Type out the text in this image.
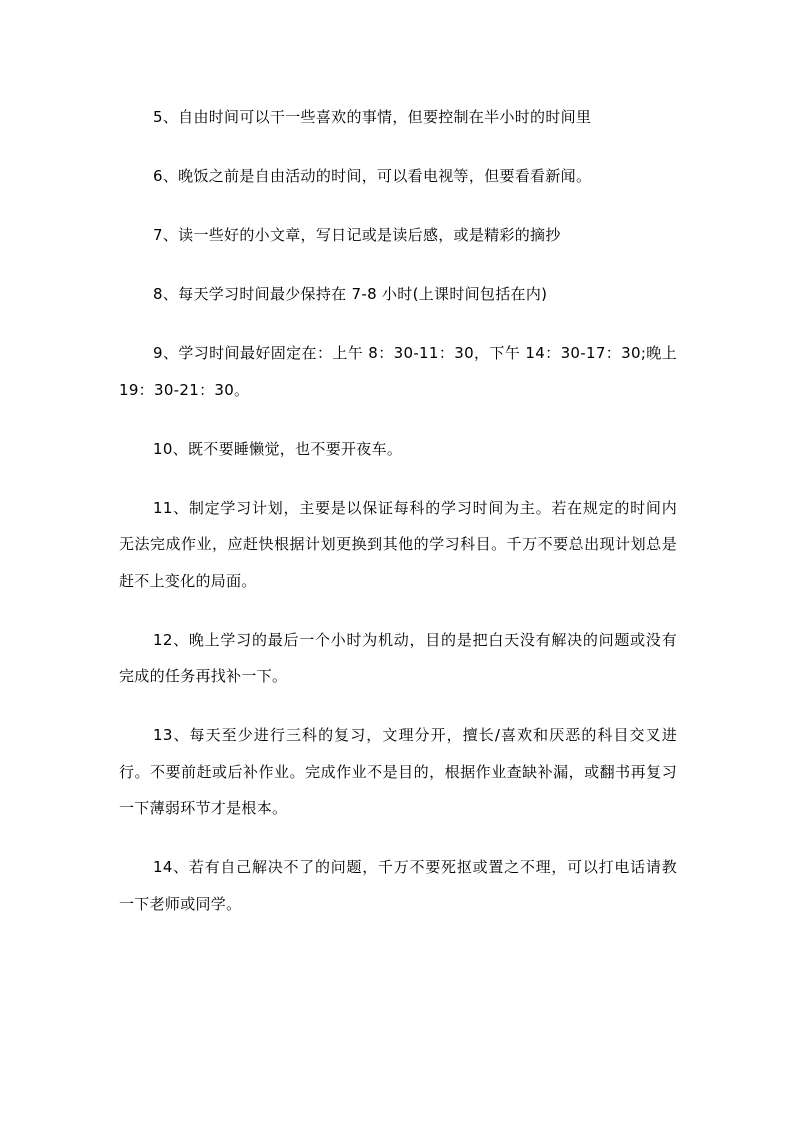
5、自由时间可以干一些喜欢的事情，但要控制在半小时的时间里

6、晚饭之前是自由活动的时间，可以看电视等，但要看看新闻。

7、读一些好的小文章，写日记或是读后感，或是精彩的摘抄

8、每天学习时间最少保持在 7-8 小时(上课时间包括在内)

9、学习时间最好固定在：上午 8：30-11：30，下午 14：30-17：30;晚上 19：30-21：30。

10、既不要睡懒觉，也不要开夜车。

11、制定学习计划，主要是以保证每科的学习时间为主。若在规定的时间内无法完成作业，应赶快根据计划更换到其他的学习科目。千万不要总出现计划总是赶不上变化的局面。

12、晚上学习的最后一个小时为机动，目的是把白天没有解决的问题或没有完成的任务再找补一下。

13、每天至少进行三科的复习，文理分开，擅长/喜欢和厌恶的科目交叉进行。不要前赶或后补作业。完成作业不是目的，根据作业查缺补漏，或翻书再复习一下薄弱环节才是根本。

14、若有自己解决不了的问题，千万不要死抠或置之不理，可以打电话请教一下老师或同学。
